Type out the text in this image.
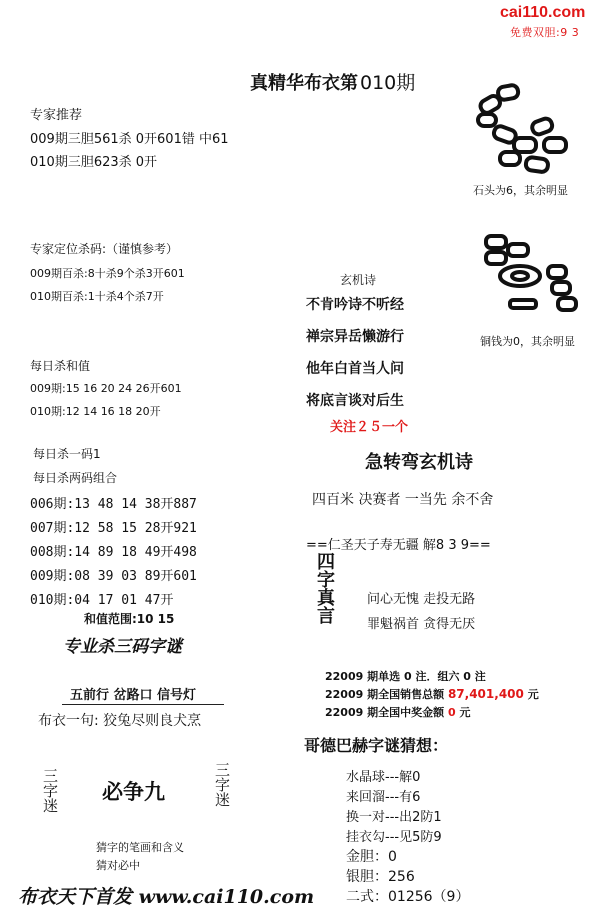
cai110.com
免费双胆:9 3
真精华布衣第 010期
专家推荐
009期三胆561杀 0开601错 中61
010期三胆623杀 0开
专家定位杀码:（谨慎参考）
009期百杀:8十杀9个杀3开601
010期百杀:1十杀4个杀7开
每日杀和值
009期:15 16 20 24 26开601
010期:12 14 16 18 20开
每日杀一码1
每日杀两码组合
006期:13 48 14 38开887
007期:12 58 15 28开921
008期:14 89 18 49开498
009期:08 39 03 89开601
010期:04 17 01 47开
和值范围:10 15
专业杀三码字谜
五前行 岔路口 信号灯
布衣一句: 狡兔尽则良犬烹
三字迷 必争九	三字迷
猜字的笔画和含义
猜对必中
石头为6，其余明显
铜钱为0，其余明显
玄机诗
不肯吟诗不听经
禅宗异岳懒游行
他年白首当人问
将底言谈对后生
关注２５一个
急转弯玄机诗
四百米 决赛者 一当先 余不舍
==仁圣天子寿无疆 解8 3 9==
四字真言	问心无愧 走投无路
罪魁祸首 贪得无厌
22009 期单选 0 注．组六 0 注
22009 期全国销售总额 87,401,400 元
22009 期全国中奖金额 0 元
哥德巴赫字谜猜想：
水晶球---解0
来回溜---有6
换一对---出2防1
挂衣勾---见5防9
金胆：0
银胆：256
二式：01256（9）
布衣天下首发 www.cai110.com
